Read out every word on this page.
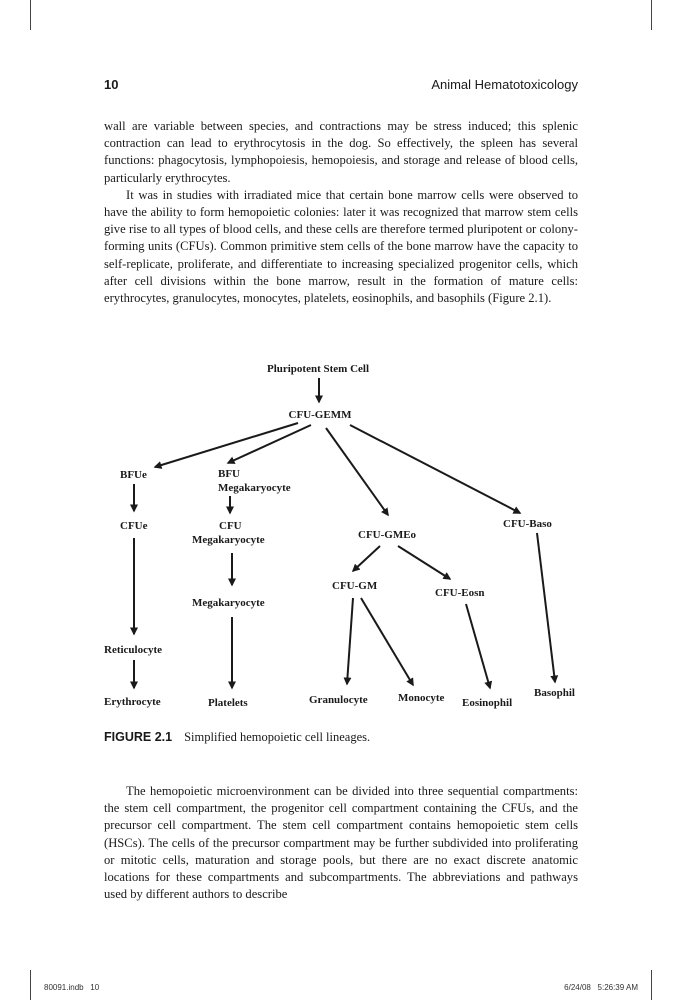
10	Animal Hematotoxicology

wall are variable between species, and contractions may be stress induced; this splenic contraction can lead to erythrocytosis in the dog. So effectively, the spleen has several functions: phagocytosis, lymphopoiesis, hemopoiesis, and storage and release of blood cells, particularly erythrocytes.

It was in studies with irradiated mice that certain bone marrow cells were observed to have the ability to form hemopoietic colonies: later it was recognized that marrow stem cells give rise to all types of blood cells, and these cells are therefore termed pluripotent or colony-forming units (CFUs). Common primitive stem cells of the bone marrow have the capacity to self-replicate, proliferate, and differentiate to increasing specialized progenitor cells, which after cell divisions within the bone marrow, result in the formation of mature cells: erythrocytes, granulocytes, monocytes, platelets, eosinophils, and basophils (Figure 2.1).

Pluripotent Stem Cell
CFU-GEMM
BFUe	BFU
Megakaryocyte
CFUe	CFU
Megakaryocyte	CFU-GMEo
CFU-Baso
CFU-GM
CFU-Eosn
Megakaryocyte
Reticulocyte
Erythrocyte	Platelets	Granulocyte	Monocyte Eosinophil
Basophil
FIGURE 2.1 Simplified hemopoietic cell lineages.

The hemopoietic microenvironment can be divided into three sequential compartments: the stem cell compartment, the progenitor cell compartment containing the CFUs, and the precursor cell compartment. The stem cell compartment contains hemopoietic stem cells (HSCs). The cells of the precursor compartment may be further subdivided into proliferating or mitotic cells, maturation and storage pools, but there are no exact discrete anatomic locations for these compartments and subcompartments. The abbreviations and pathways used by different authors to describe

80091.indb   10	6/24/08   5:26:39 AM
